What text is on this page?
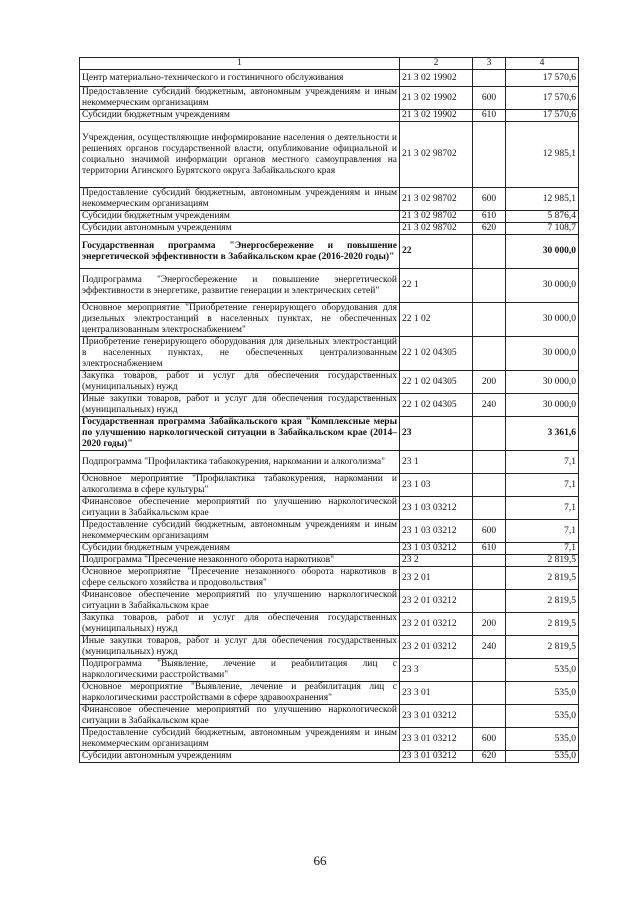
1	2	3	4
Центр материально-технического и гостиничного обслуживания	21 3 02 19902		17 570,6
Предоставление субсидий бюджетным, автономным учреждениям и иным некоммерческим организациям	21 3 02 19902	600	17 570,6
Субсидии бюджетным учреждениям	21 3 02 19902	610	17 570,6
Учреждения, осуществляющие информирование населения о деятельности и решениях органов государственной власти, опубликование официальной и социально значимой информации органов местного самоуправления на территории Агинского Бурятского округа Забайкальского края	21 3 02 98702		12 985,1
Предоставление субсидий бюджетным, автономным учреждениям и иным некоммерческим организациям	21 3 02 98702	600	12 985,1
Субсидии бюджетным учреждениям	21 3 02 98702	610	5 876,4
Субсидии автономным учреждениям	21 3 02 98702	620	7 108,7
Государственная программа "Энергосбережение и повышение энергетической эффективности в Забайкальском крае (2016-2020 годы)"	22		30 000,0
Подпрограмма "Энергосбережение и повышение энергетической эффективности в энергетике, развитие генерации и электрических сетей"	22 1		30 000,0
Основное мероприятие "Приобретение генерирующего оборудования для дизельных электростанций в населенных пунктах, не обеспеченных централизованным электроснабжением"	22 1 02		30 000,0
Приобретение генерирующего оборудования для дизельных электростанций в населенных пунктах, не обеспеченных централизованным электроснабжением	22 1 02 04305		30 000,0
Закупка товаров, работ и услуг для обеспечения государственных (муниципальных) нужд	22 1 02 04305	200	30 000,0
Иные закупки товаров, работ и услуг для обеспечения государственных (муниципальных) нужд	22 1 02 04305	240	30 000,0
Государственная программа Забайкальского края "Комплексные меры по улучшению наркологической ситуации в Забайкальском крае (2014–2020 годы)"	23		3 361,6
Подпрограмма "Профилактика табакокурения, наркомании и алкоголизма"	23 1		7,1
Основное мероприятие "Профилактика табакокурения, наркомании и алкоголизма в сфере культуры"	23 1 03		7,1
Финансовое обеспечение мероприятий по улучшению наркологической ситуации в Забайкальском крае	23 1 03 03212		7,1
Предоставление субсидий бюджетным, автономным учреждениям и иным некоммерческим организациям	23 1 03 03212	600	7,1
Субсидии бюджетным учреждениям	23 1 03 03212	610	7,1
Подпрограмма "Пресечение незаконного оборота наркотиков"	23 2		2 819,5
Основное мероприятие "Пресечение незаконного оборота наркотиков в сфере сельского хозяйства и продовольствия"	23 2 01		2 819,5
Финансовое обеспечение мероприятий по улучшению наркологической ситуации в Забайкальском крае	23 2 01 03212		2 819,5
Закупка товаров, работ и услуг для обеспечения государственных (муниципальных) нужд	23 2 01 03212	200	2 819,5
Иные закупки товаров, работ и услуг для обеспечения государственных (муниципальных) нужд	23 2 01 03212	240	2 819,5
Подпрограмма "Выявление, лечение и реабилитация лиц с наркологическими расстройствами"	23 3		535,0
Основное мероприятие "Выявление, лечение и реабилитация лиц с наркологическими расстройствами в сфере здравоохранения"	23 3 01		535,0
Финансовое обеспечение мероприятий по улучшению наркологической ситуации в Забайкальском крае	23 3 01 03212		535,0
Предоставление субсидий бюджетным, автономным учреждениям и иным некоммерческим организациям	23 3 01 03212	600	535,0
Субсидии автономным учреждениям	23 3 01 03212	620	535,0
66
